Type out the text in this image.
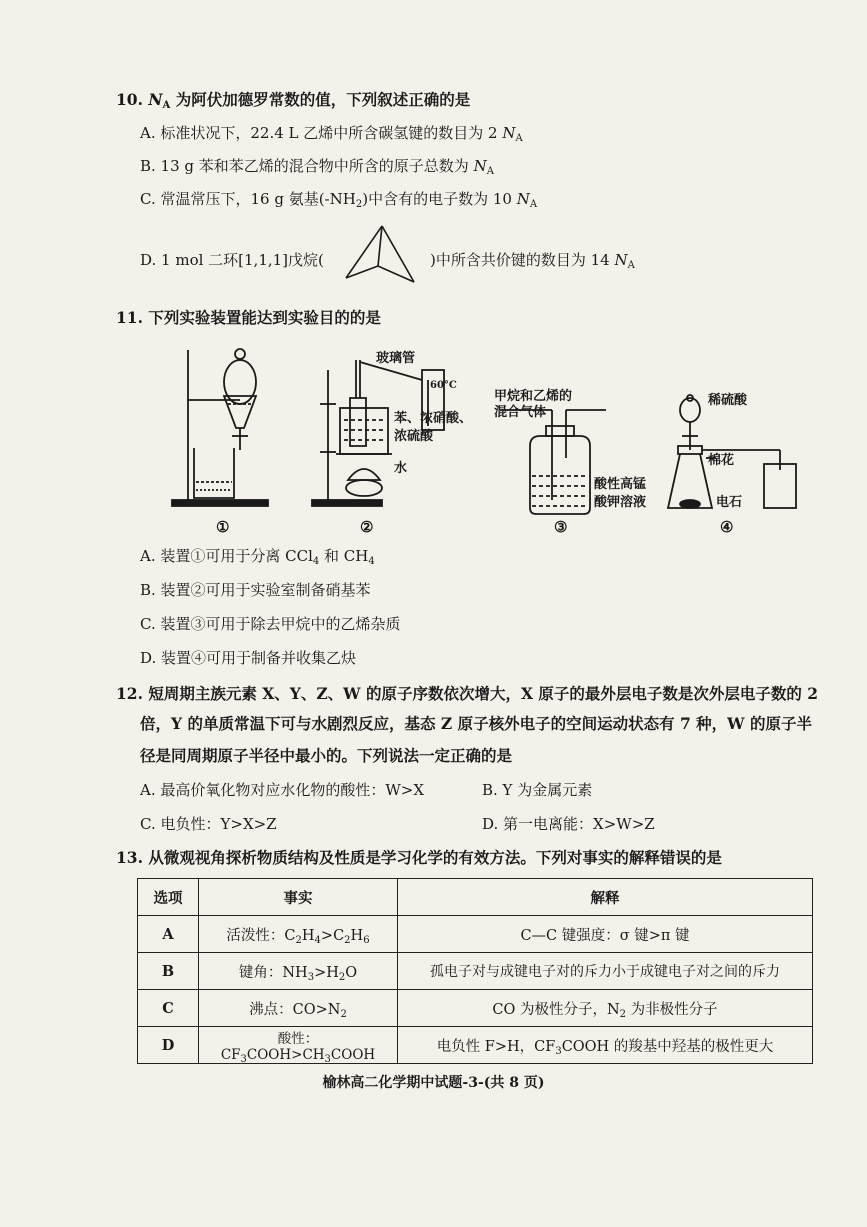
10. $N_A$ 为阿伏加德罗常数的值，下列叙述正确的是
A. 标准状况下，22.4 L 乙烯中所含碳氢键的数目为 2 $N_A$
B. 13 g 苯和苯乙烯的混合物中所含的原子总数为 $N_A$
C. 常温常压下，16 g 氨基$(-NH_2)$中含有的电子数为 10 $N_A$
D. 1 mol 二环[1,1,1]戊烷(	)中所含共价键的数目为 14 $N_A$
11. 下列实验装置能达到实验目的的是
玻璃管
60°C
苯、浓硝酸、
浓硫酸
水
甲烷和乙烯的
混合气体
酸性高锰
酸钾溶液
稀硫酸
棉花
电石
①	②	③	④
A. 装置①可用于分离 CCl$_4$ 和 $CH_4$
B. 装置②可用于实验室制备硝基苯
C. 装置③可用于除去甲烷中的乙烯杂质
D. 装置④可用于制备并收集乙炔
12. 短周期主族元素 X、Y、Z、W 的原子序数依次增大，X 原子的最外层电子数是次外层电子数的 2
倍，Y 的单质常温下可与水剧烈反应，基态 Z 原子核外电子的空间运动状态有 7 种，W 的原子半
径是同周期原子半径中最小的。下列说法一定正确的是
A. 最高价氧化物对应水化物的酸性：W>X	B. Y 为金属元素
C. 电负性：Y>X>Z	D. 第一电离能：X>W>Z
13. 从微观视角探析物质结构及性质是学习化学的有效方法。下列对事实的解释错误的是
选项	事实	解释
A	活泼性：$C_2H_4>C_2H_6$	C—C 键强度：σ 键>π 键
B	键角：$NH_3>H_2O$	孤电子对与成键电子对的斥力小于成键电子对之间的斥力
C	沸点：$CO>N_2$	CO 为极性分子，$N_2$ 为非极性分子
D	酸性：$CF_3COOH>CH_3COOH$	电负性 F>H，$CF_3COOH$ 的羧基中羟基的极性更大
榆林高二化学期中试题-3-(共 8 页)
